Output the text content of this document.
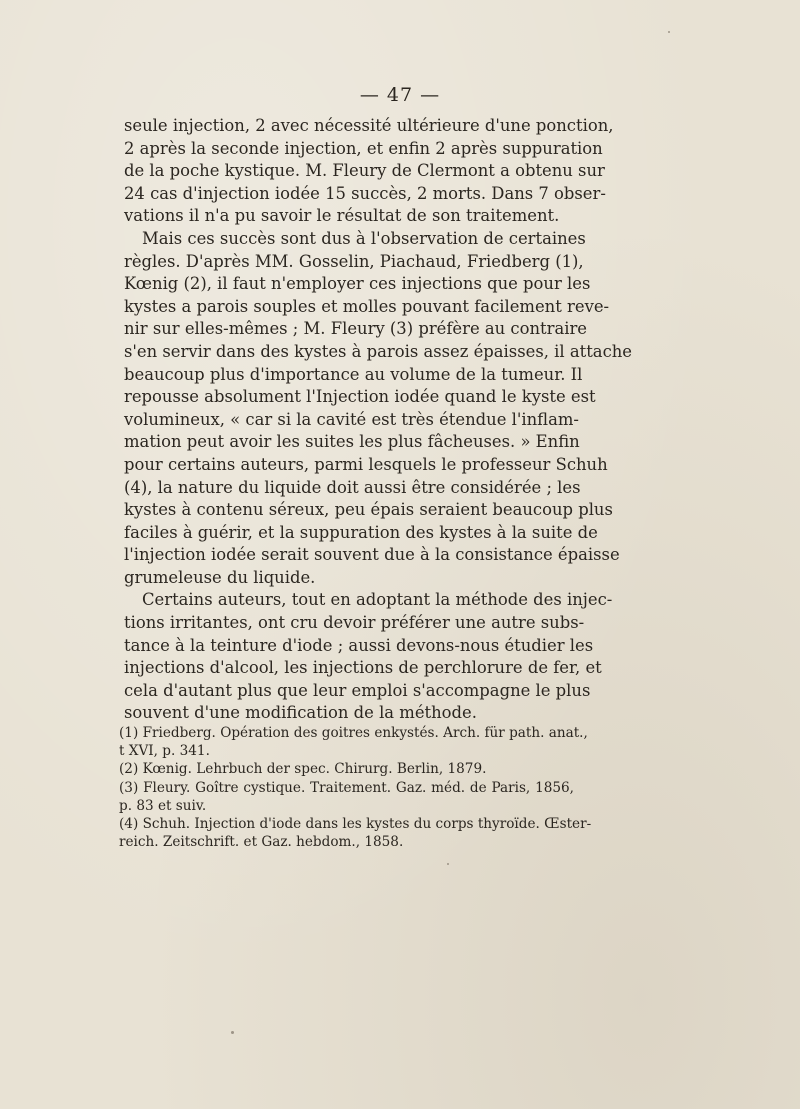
— 47 —
seule injection, 2 avec nécessité ultérieure d'une ponction,
2 après la seconde injection, et enfin 2 après suppuration
de la poche kystique. M. Fleury de Clermont a obtenu sur
24 cas d'injection iodée 15 succès, 2 morts. Dans 7 obser-
vations il n'a pu savoir le résultat de son traitement.
Mais ces succès sont dus à l'observation de certaines
règles. D'après MM. Gosselin, Piachaud, Friedberg (1),
Kœnig (2), il faut n'employer ces injections que pour les
kystes a parois souples et molles pouvant facilement reve-
nir sur elles-mêmes ; M. Fleury (3) préfère au contraire
s'en servir dans des kystes à parois assez épaisses, il attache
beaucoup plus d'importance au volume de la tumeur. Il
repousse absolument l'Injection iodée quand le kyste est
volumineux, « car si la cavité est très étendue l'inflam-
mation peut avoir les suites les plus fâcheuses. » Enfin
pour certains auteurs, parmi lesquels le professeur Schuh
(4), la nature du liquide doit aussi être considérée ; les
kystes à contenu séreux, peu épais seraient beaucoup plus
faciles à guérir, et la suppuration des kystes à la suite de
l'injection iodée serait souvent due à la consistance épaisse
grumeleuse du liquide.
Certains auteurs, tout en adoptant la méthode des injec-
tions irritantes, ont cru devoir préférer une autre subs-
tance à la teinture d'iode ; aussi devons-nous étudier les
injections d'alcool, les injections de perchlorure de fer, et
cela d'autant plus que leur emploi s'accompagne le plus
souvent d'une modification de la méthode.
(1) Friedberg. Opération des goitres enkystés. Arch. für path. anat.,
t XVI, p. 341.
(2) Kœnig. Lehrbuch der spec. Chirurg. Berlin, 1879.
(3) Fleury. Goître cystique. Traitement. Gaz. méd. de Paris, 1856,
p. 83 et suiv.
(4) Schuh. Injection d'iode dans les kystes du corps thyroïde. Œster-
reich. Zeitschrift. et Gaz. hebdom., 1858.
